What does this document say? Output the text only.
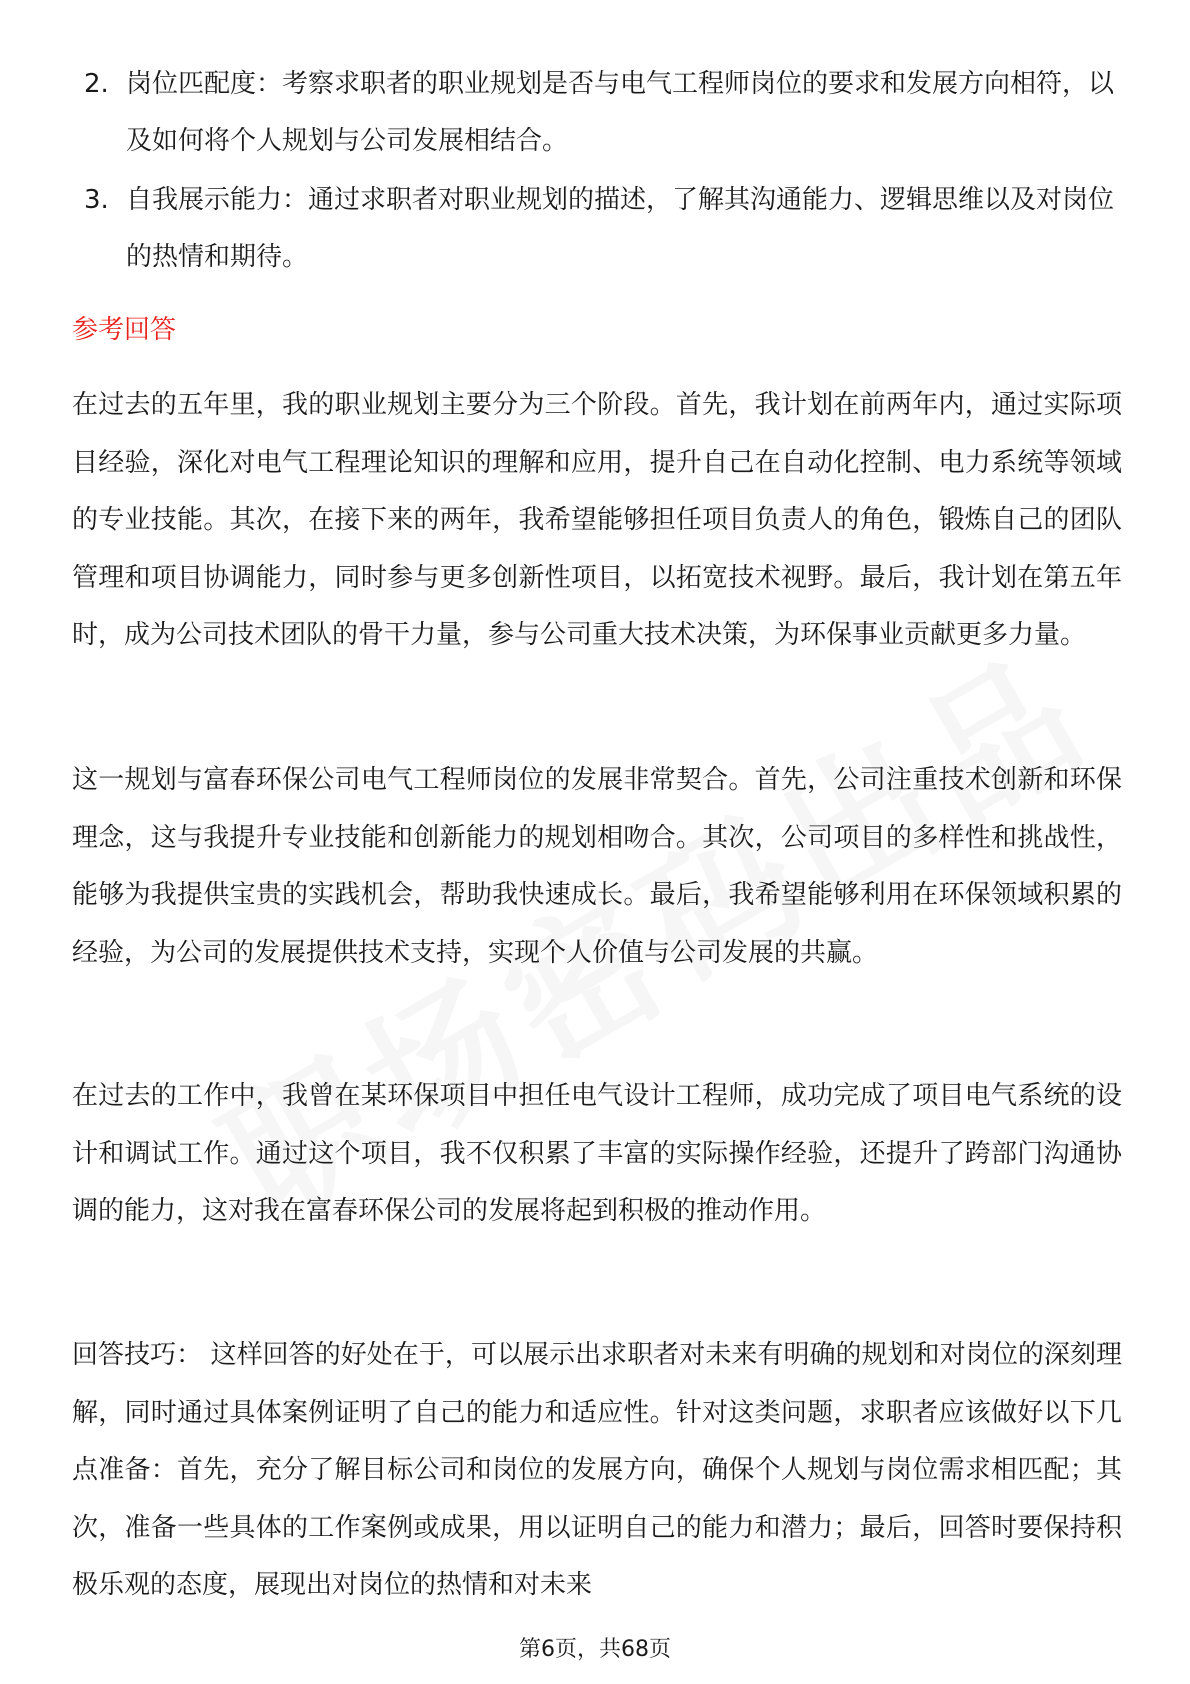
2. 岗位匹配度：考察求职者的职业规划是否与电气工程师岗位的要求和发展方向相符，以及如何将个人规划与公司发展相结合。
3. 自我展示能力：通过求职者对职业规划的描述，了解其沟通能力、逻辑思维以及对岗位的热情和期待。
参考回答
在过去的五年里，我的职业规划主要分为三个阶段。首先，我计划在前两年内，通过实际项目经验，深化对电气工程理论知识的理解和应用，提升自己在自动化控制、电力系统等领域的专业技能。其次，在接下来的两年，我希望能够担任项目负责人的角色，锻炼自己的团队管理和项目协调能力，同时参与更多创新性项目，以拓宽技术视野。最后，我计划在第五年时，成为公司技术团队的骨干力量，参与公司重大技术决策，为环保事业贡献更多力量。
这一规划与富春环保公司电气工程师岗位的发展非常契合。首先，公司注重技术创新和环保理念，这与我提升专业技能和创新能力的规划相吻合。其次，公司项目的多样性和挑战性，能够为我提供宝贵的实践机会，帮助我快速成长。最后，我希望能够利用在环保领域积累的经验，为公司的发展提供技术支持，实现个人价值与公司发展的共赢。
在过去的工作中，我曾在某环保项目中担任电气设计工程师，成功完成了项目电气系统的设计和调试工作。通过这个项目，我不仅积累了丰富的实际操作经验，还提升了跨部门沟通协调的能力，这对我在富春环保公司的发展将起到积极的推动作用。
回答技巧： 这样回答的好处在于，可以展示出求职者对未来有明确的规划和对岗位的深刻理解，同时通过具体案例证明了自己的能力和适应性。针对这类问题，求职者应该做好以下几点准备：首先，充分了解目标公司和岗位的发展方向，确保个人规划与岗位需求相匹配；其次，准备一些具体的工作案例或成果，用以证明自己的能力和潜力；最后，回答时要保持积极乐观的态度，展现出对岗位的热情和对未来
第6页，共68页
